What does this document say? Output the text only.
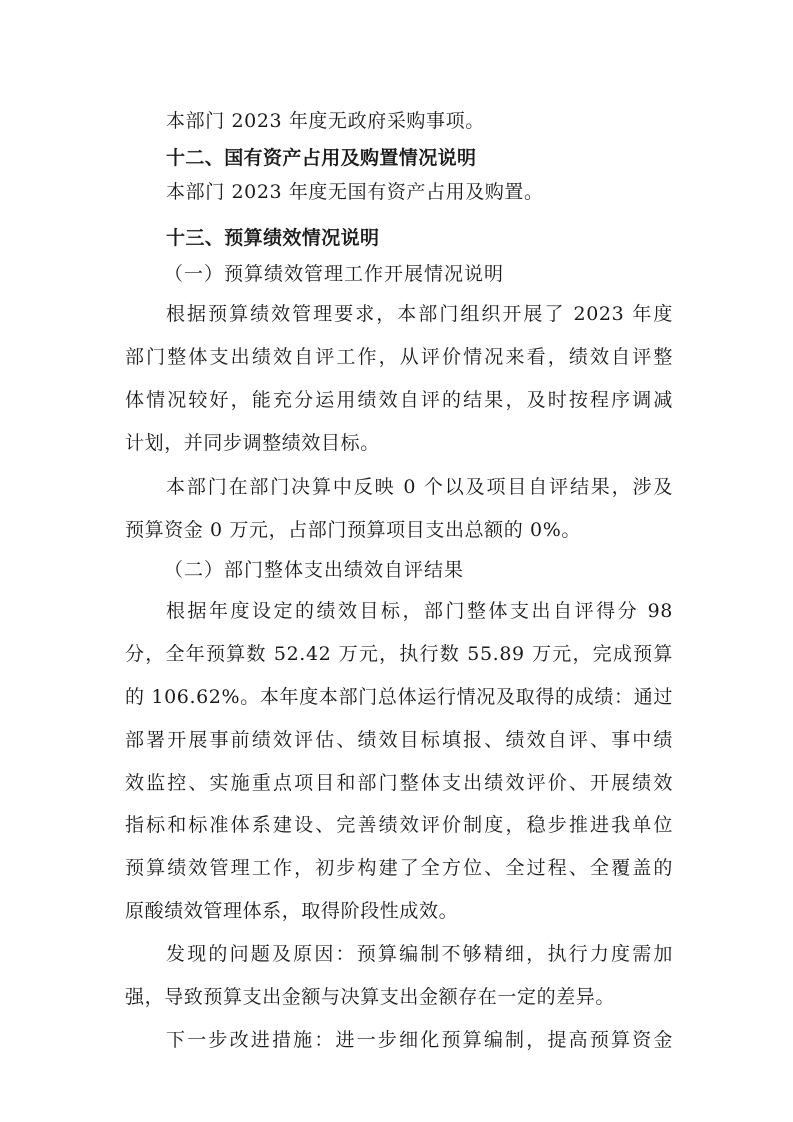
本部门 2023 年度无政府采购事项。
十二、国有资产占用及购置情况说明
本部门 2023 年度无国有资产占用及购置。
十三、预算绩效情况说明
（一）预算绩效管理工作开展情况说明
根据预算绩效管理要求，本部门组织开展了 2023 年度
部门整体支出绩效自评工作，从评价情况来看，绩效自评整
体情况较好，能充分运用绩效自评的结果，及时按程序调减
计划，并同步调整绩效目标。
本部门在部门决算中反映 0 个以及项目自评结果，涉及
预算资金 0 万元，占部门预算项目支出总额的 0%。
（二）部门整体支出绩效自评结果
根据年度设定的绩效目标，部门整体支出自评得分 98
分，全年预算数 52.42 万元，执行数 55.89 万元，完成预算
的 106.62%。本年度本部门总体运行情况及取得的成绩：通过
部署开展事前绩效评估、绩效目标填报、绩效自评、事中绩
效监控、实施重点项目和部门整体支出绩效评价、开展绩效
指标和标准体系建设、完善绩效评价制度，稳步推进我单位
预算绩效管理工作，初步构建了全方位、全过程、全覆盖的
原酸绩效管理体系，取得阶段性成效。
发现的问题及原因：预算编制不够精细，执行力度需加
强，导致预算支出金额与决算支出金额存在一定的差异。
下一步改进措施：进一步细化预算编制，提高预算资金
